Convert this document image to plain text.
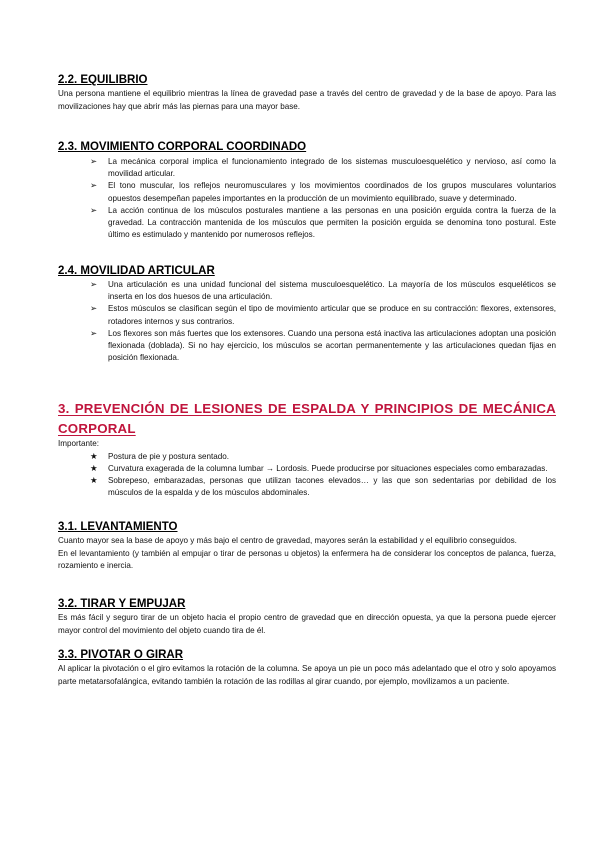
2.2. EQUILIBRIO

Una persona mantiene el equilibrio mientras la línea de gravedad pase a través del centro de gravedad y de la base de apoyo. Para las movilizaciones hay que abrir más las piernas para una mayor base.

2.3. MOVIMIENTO CORPORAL COORDINADO
➢ La mecánica corporal implica el funcionamiento integrado de los sistemas musculoesquelético y nervioso, así como la movilidad articular.
➢ El tono muscular, los reflejos neuromusculares y los movimientos coordinados de los grupos musculares voluntarios opuestos desempeñan papeles importantes en la producción de un movimiento equilibrado, suave y determinado.
➢ La acción continua de los músculos posturales mantiene a las personas en una posición erguida contra la fuerza de la gravedad. La contracción mantenida de los músculos que permiten la posición erguida se denomina tono postural. Este último es estimulado y mantenido por numerosos reflejos.
2.4. MOVILIDAD ARTICULAR
➢ Una articulación es una unidad funcional del sistema musculoesquelético. La mayoría de los músculos esqueléticos se inserta en los dos huesos de una articulación.
➢ Estos músculos se clasifican según el tipo de movimiento articular que se produce en su contracción: flexores, extensores, rotadores internos y sus contrarios.
➢ Los flexores son más fuertes que los extensores. Cuando una persona está inactiva las articulaciones adoptan una posición flexionada (doblada). Si no hay ejercicio, los músculos se acortan permanentemente y las articulaciones quedan fijas en posición flexionada.
3. PREVENCIÓN DE LESIONES DE ESPALDA Y PRINCIPIOS DE MECÁNICA CORPORAL

Importante:

★ Postura de pie y postura sentado.
★ Curvatura exagerada de la columna lumbar → Lordosis. Puede producirse por situaciones especiales como embarazadas.
★ Sobrepeso, embarazadas, personas que utilizan tacones elevados… y las que son sedentarias por debilidad de los músculos de la espalda y de los músculos abdominales.
3.1. LEVANTAMIENTO

Cuanto mayor sea la base de apoyo y más bajo el centro de gravedad, mayores serán la estabilidad y el equilibrio conseguidos.

En el levantamiento (y también al empujar o tirar de personas u objetos) la enfermera ha de considerar los conceptos de palanca, fuerza, rozamiento e inercia.

3.2. TIRAR Y EMPUJAR

Es más fácil y seguro tirar de un objeto hacia el propio centro de gravedad que en dirección opuesta, ya que la persona puede ejercer mayor control del movimiento del objeto cuando tira de él.

3.3. PIVOTAR O GIRAR

Al aplicar la pivotación o el giro evitamos la rotación de la columna. Se apoya un pie un poco más adelantado que el otro y solo apoyamos parte metatarsofalángica, evitando también la rotación de las rodillas al girar cuando, por ejemplo, movilizamos a un paciente.
